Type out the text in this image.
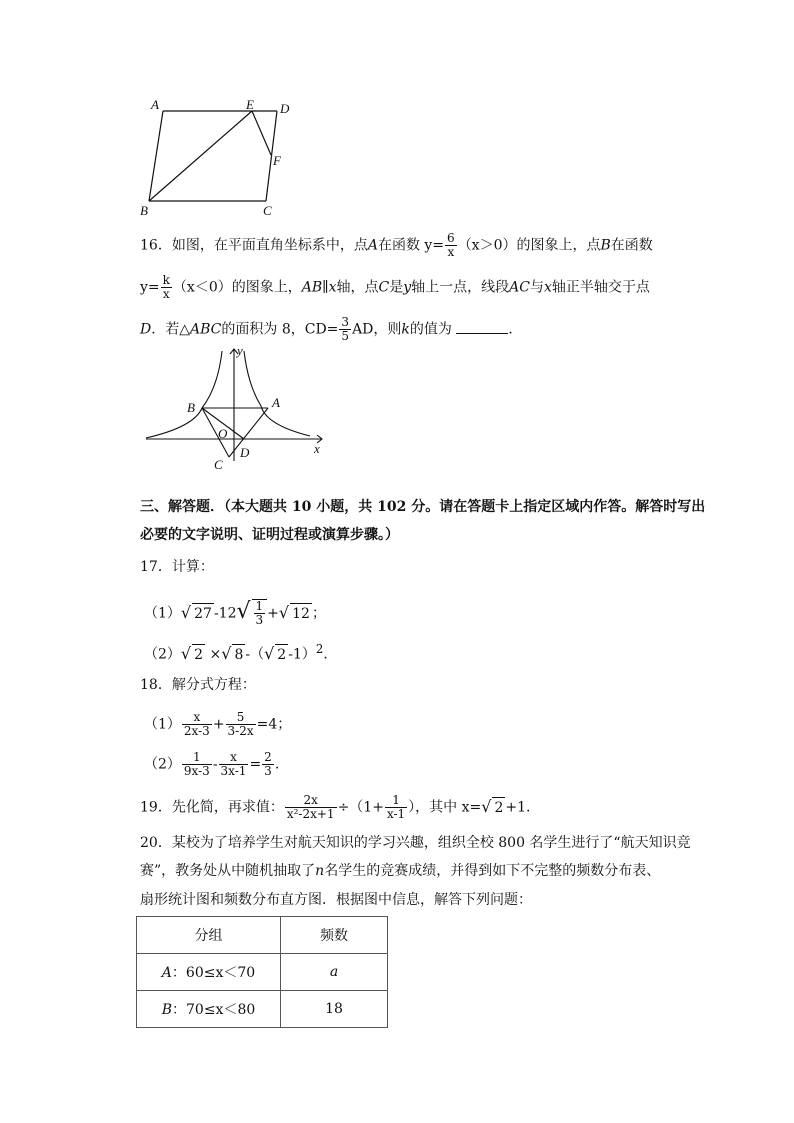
A	E D
F
B	C
16．如图，在平面直角坐标系中，点A在函数 $y= \frac{6}{x} (x>0)$的图象上，点B在函数
$y= \frac{k}{x} (x<0)$的图象上，AB∥x轴，点C是y轴上一点，线段AC与x轴正半轴交于点
D．若△ABC的面积为 8，$CD= \frac{3}{5}$ AD，则k的值为	．
y
x
B	A
O
C
D
三、解答题．（本大题共 10 小题，共 102 分。请在答题卡上指定区域内作答。解答时写出
必要的文字说明、证明过程或演算步骤。）
17．计算：
（1）√ 27 $-12√ \frac{1}{3}$ +√ 12 ；
（2）√ 2 ×√ 8 -（√ 2 -1）$^2$.
18．解分式方程：
$(1) \frac{x}{2x-3} + \frac{5}{3-2x} =4$；
$(2) \frac{1}{9x-3} - \frac{x}{3x-1} = \frac{2}{3}$ .
19．先化简，再求值： $\frac{2x}{\text{x²-2x+1}} \div(1+ \frac{1}{x-1}$ ），其中 x=√ 2 +1.
20．某校为了培养学生对航天知识的学习兴趣，组织全校 800 名学生进行了“航天知识竞
赛”，教务处从中随机抽取了n名学生的竞赛成绩，并得到如下不完整的频数分布表、
扇形统计图和频数分布直方图．根据图中信息，解答下列问题：
分组	频数
A：60≤x＜70	a
B：70≤x＜80	18
